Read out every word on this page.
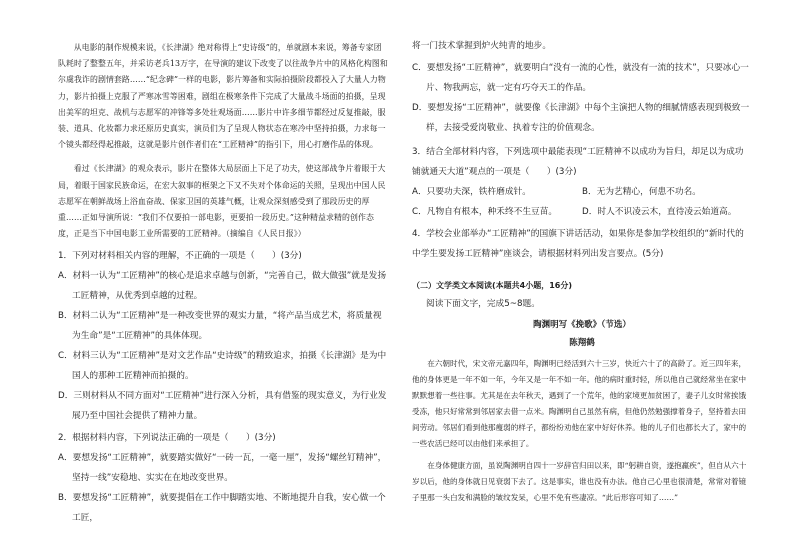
从电影的制作规模来说，《长津湖》绝对称得上“史诗级”的，单就剧本来说，筹备专家团队耗时了整整五年，并采访老兵13万字，在导演的建议下改变了以往战争片中的风格化构图和尔虞我诈的剧情套路……“纪念碑”一样的电影，影片筹备和实际拍摄阶段都投入了大量人力物力，影片拍摄上克服了严寒冰雪等困难，剧组在极寒条件下完成了大量战斗场面的拍摄，呈现出美军的坦克、战机与志愿军的冲锋等多处壮观场面……影片中许多细节都经过反复推敲，服装、道具、化妆都力求还原历史真实，演员们为了呈现人物状态在寒冷中坚持拍摄，力求每一个镜头都经得起推敲，这就是影片创作者们在“工匠精神”的指引下，用心打磨作品的体现。

看过《长津湖》的观众表示，影片在整体大局层面上下足了功夫，使这部战争片着眼于大局，着眼于国家民族命运，在宏大叙事的框架之下又不失对个体命运的关照，呈现出中国人民志愿军在朝鲜战场上浴血奋战、保家卫国的英雄气概，让观众深刻感受到了那段历史的厚重……正如导演所说：“我们不仅要拍一部电影，更要拍一段历史。”这种精益求精的创作态度，正是当下中国电影工业所需要的工匠精神。（摘编自《人民日报》）

1．下列对材料相关内容的理解，不正确的一项是（　　）(3分)

A．材料一认为“工匠精神”的核心是追求卓越与创新，“完善自己，做大做强”就是发扬工匠精神，从优秀到卓越的过程。

B．材料二认为“工匠精神”是一种改变世界的观实力量，“将产品当成艺术，将质量视为生命”是“工匠精神”的具体体现。

C．材料三认为“工匠精神”是对文艺作品“史诗级”的精致追求，拍摄《长津湖》是为中国人的那种工匠精神而拍摄的。

D．三则材料从不同方面对“工匠精神”进行深入分析，具有借鉴的现实意义，为行业发展乃至中国社会提供了精神力量。

2．根据材料内容，下列说法正确的一项是（　　）(3分)

A．要想发扬“工匠精神”，就要踏实做好“一砖一瓦，一毫一厘”，发扬“螺丝钉精神”，坚持一线”安稳地、实实在在地改变世界。

B．要想发扬“工匠精神”，就要提倡在工作中脚踏实地、不断地提升自我，安心做一个工匠，

将一门技术掌握到炉火纯青的地步。

C．要想发扬“工匠精神”，就要明白“没有一流的心性，就没有一流的技术”，只要冰心一片、物我两忘，就一定有巧夺天工的作品。

D．要想发扬“工匠精神”，就要像《长津湖》中每个主演把人物的细腻情感表现到极致一样，去接受爱岗敬业、执着专注的价值观念。

3．结合全部材料内容，下列选项中最能表现“工匠精神不以成功为旨归，却足以为成功铺就通天大道”观点的一项是（　　）(3分)

A．只要功夫深，铁杵磨成针。	B．无为艺精心，何患不功名。
C．凡物自有根本，种禾终不生豆苗。	D．时人不识凌云木，直待凌云始道高。

4．学校会业部举办“工匠精神”的国旗下讲话活动，如果你是参加学校组织的“新时代的中学生要发扬工匠精神”座谈会，请根据材料列出发言要点。(5分)

（二）文学类文本阅读(本题共4小题，16分)

阅读下面文字，完成5~8题。

陶渊明写《挽歌》（节选）

陈翔鹤

在六朝时代，宋文帝元嘉四年，陶渊明已经活到六十三岁，快近六十了的高龄了。近三四年来，他的身体更是一年不如一年，今年又是一年不如一年。他的病时重时轻，所以他自己就经常坐在家中默默想着一些往事。尤其是在去年秋天，遇到了一个荒年，他的家境更加贫困了，妻子儿女时常挨饿受冻，他只好常常到邻居家去借一点米。陶渊明自己虽然有病，但他仍然勉强撑着身子，坚持着去田间劳动。邻居们看到他那瘦弱的样子，都纷纷劝他在家中好好休养。他的儿子们也都长大了，家中的一些农活已经可以由他们来承担了。

在身体健康方面，虽说陶渊明自四十一岁辞官归田以来，即“躬耕自资，遂抱羸疾”，但自从六十岁以后，他的身体就日见衰弱下去了。这是事实，谁也没有办法。他自己心里也很清楚，常常对着镜子里那一头白发和满脸的皱纹发呆，心里不免有些凄凉。“此后形容可知了……”
